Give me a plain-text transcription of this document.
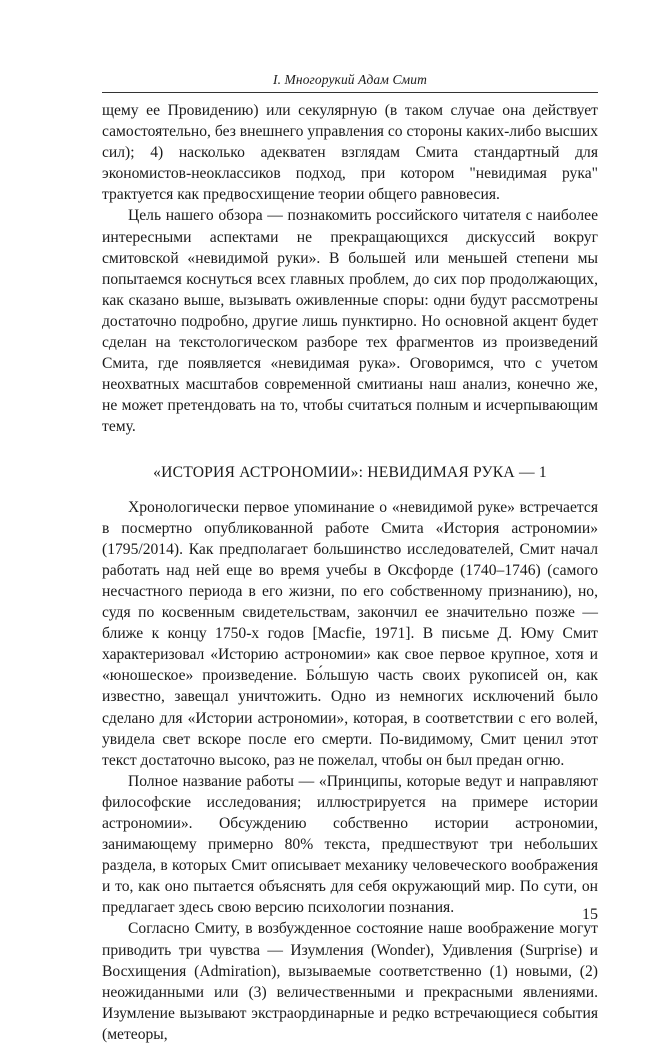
I. Многорукий Адам Смит

щему ее Провидению) или секулярную (в таком случае она действует самостоятельно, без внешнего управления со стороны каких-либо высших сил); 4) насколько адекватен взглядам Смита стандартный для экономистов-неоклассиков подход, при котором "невидимая рука" трактуется как предвосхищение теории общего равновесия.

Цель нашего обзора — познакомить российского читателя с наиболее интересными аспектами не прекращающихся дискуссий вокруг смитовской «невидимой руки». В большей или меньшей степени мы попытаемся коснуться всех главных проблем, до сих пор продолжающих, как сказано выше, вызывать оживленные споры: одни будут рассмотрены достаточно подробно, другие лишь пунктирно. Но основной акцент будет сделан на текстологическом разборе тех фрагментов из произведений Смита, где появляется «невидимая рука». Оговоримся, что с учетом неохватных масштабов современной смитианы наш анализ, конечно же, не может претендовать на то, чтобы считаться полным и исчерпывающим тему.

«ИСТОРИЯ АСТРОНОМИИ»: НЕВИДИМАЯ РУКА — 1

Хронологически первое упоминание о «невидимой руке» встречается в посмертно опубликованной работе Смита «История астрономии» (1795/2014). Как предполагает большинство исследователей, Смит начал работать над ней еще во время учебы в Оксфорде (1740–1746) (самого несчастного периода в его жизни, по его собственному признанию), но, судя по косвенным свидетельствам, закончил ее значительно позже — ближе к концу 1750-х годов [Macfie, 1971]. В письме Д. Юму Смит характеризовал «Историю астрономии» как свое первое крупное, хотя и «юношеское» произведение. Бо́льшую часть своих рукописей он, как известно, завещал уничтожить. Одно из немногих исключений было сделано для «Истории астрономии», которая, в соответствии с его волей, увидела свет вскоре после его смерти. По-видимому, Смит ценил этот текст достаточно высоко, раз не пожелал, чтобы он был предан огню.

Полное название работы — «Принципы, которые ведут и направляют философские исследования; иллюстрируется на примере истории астрономии». Обсуждению собственно истории астрономии, занимающему примерно 80% текста, предшествуют три небольших раздела, в которых Смит описывает механику человеческого воображения и то, как оно пытается объяснять для себя окружающий мир. По сути, он предлагает здесь свою версию психологии познания.

Согласно Смиту, в возбужденное состояние наше воображение могут приводить три чувства — Изумления (Wonder), Удивления (Surprise) и Восхищения (Admiration), вызываемые соответственно (1) новыми, (2) неожиданными или (3) величественными и прекрасными явлениями. Изумление вызывают экстраординарные и редко встречающиеся события (метеоры,

15
